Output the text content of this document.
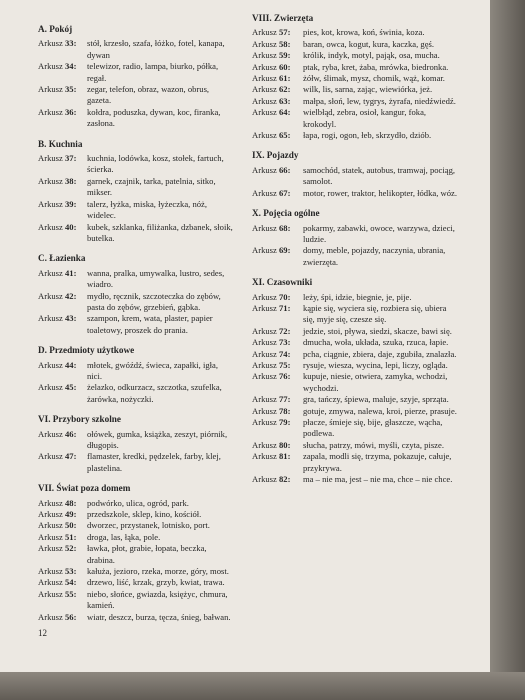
A. Pokój
Arkusz 33:	stół, krzesło, szafa, łóżko, fotel, kanapa, dywan
Arkusz 34:	telewizor, radio, lampa, biurko, półka, regał.
Arkusz 35:	zegar, telefon, obraz, wazon, obrus, gazeta.
Arkusz 36:	kołdra, poduszka, dywan, koc, firanka, zasłona.
B. Kuchnia
Arkusz 37:	kuchnia, lodówka, kosz, stołek, fartuch, ścierka.
Arkusz 38:	garnek, czajnik, tarka, patelnia, sitko, mikser.
Arkusz 39:	talerz, łyżka, miska, łyżeczka, nóż, widelec.
Arkusz 40:	kubek, szklanka, filiżanka, dzbanek, słoik, butelka.
C. Łazienka
Arkusz 41:	wanna, pralka, umywalka, lustro, sedes, wiadro.
Arkusz 42:	mydło, ręcznik, szczoteczka do zębów, pasta do zębów, grzebień, gąbka.
Arkusz 43:	szampon, krem, wata, plaster, papier toaletowy, proszek do prania.
D. Przedmioty użytkowe
Arkusz 44:	młotek, gwóźdź, świeca, zapałki, igła, nici.
Arkusz 45:	żelazko, odkurzacz, szczotka, szufelka, żarówka, nożyczki.
VI. Przybory szkolne
Arkusz 46:	ołówek, gumka, książka, zeszyt, piórnik, długopis.
Arkusz 47:	flamaster, kredki, pędzelek, farby, klej, plastelina.
VII. Świat poza domem
Arkusz 48:	podwórko, ulica, ogród, park.
Arkusz 49:	przedszkole, sklep, kino, kościół.
Arkusz 50:	dworzec, przystanek, lotnisko, port.
Arkusz 51:	droga, las, łąka, pole.
Arkusz 52:	ławka, płot, grabie, łopata, beczka, drabina.
Arkusz 53:	kałuża, jezioro, rzeka, morze, góry, most.
Arkusz 54:	drzewo, liść, krzak, grzyb, kwiat, trawa.
Arkusz 55:	niebo, słońce, gwiazda, księżyc, chmura, kamień.
Arkusz 56:	wiatr, deszcz, burza, tęcza, śnieg, bałwan.
VIII. Zwierzęta
Arkusz 57:	pies, kot, krowa, koń, świnia, koza.
Arkusz 58:	baran, owca, kogut, kura, kaczka, gęś.
Arkusz 59:	królik, indyk, motyl, pająk, osa, mucha.
Arkusz 60:	ptak, ryba, kret, żaba, mrówka, biedronka.
Arkusz 61:	żółw, ślimak, mysz, chomik, wąż, komar.
Arkusz 62:	wilk, lis, sarna, zając, wiewiórka, jeż.
Arkusz 63:	małpa, słoń, lew, tygrys, żyrafa, niedźwiedź.
Arkusz 64:	wielbłąd, zebra, osioł, kangur, foka, krokodyl.
Arkusz 65:	łapa, rogi, ogon, łeb, skrzydło, dziób.
IX. Pojazdy
Arkusz 66:	samochód, statek, autobus, tramwaj, pociąg, samolot.
Arkusz 67:	motor, rower, traktor, helikopter, łódka, wóz.
X. Pojęcia ogólne
Arkusz 68:	pokarmy, zabawki, owoce, warzywa, dzieci, ludzie.
Arkusz 69:	domy, meble, pojazdy, naczynia, ubrania, zwierzęta.
XI. Czasowniki
Arkusz 70:	leży, śpi, idzie, biegnie, je, pije.
Arkusz 71:	kąpie się, wyciera się, rozbiera się, ubiera się, myje się, czesze się.
Arkusz 72:	jedzie, stoi, pływa, siedzi, skacze, bawi się.
Arkusz 73:	dmucha, woła, układa, szuka, rzuca, łapie.
Arkusz 74:	pcha, ciągnie, zbiera, daje, zgubiła, znalazła.
Arkusz 75:	rysuje, wiesza, wycina, lepi, liczy, ogląda.
Arkusz 76:	kupuje, niesie, otwiera, zamyka, wchodzi, wychodzi.
Arkusz 77:	gra, tańczy, śpiewa, maluje, szyje, sprząta.
Arkusz 78:	gotuje, zmywa, nalewa, kroi, pierze, prasuje.
Arkusz 79:	płacze, śmieje się, bije, głaszcze, wącha, podlewa.
Arkusz 80:	słucha, patrzy, mówi, myśli, czyta, pisze.
Arkusz 81:	zapala, modli się, trzyma, pokazuje, całuje, przykrywa.
Arkusz 82:	ma – nie ma, jest – nie ma, chce – nie chce.
12
